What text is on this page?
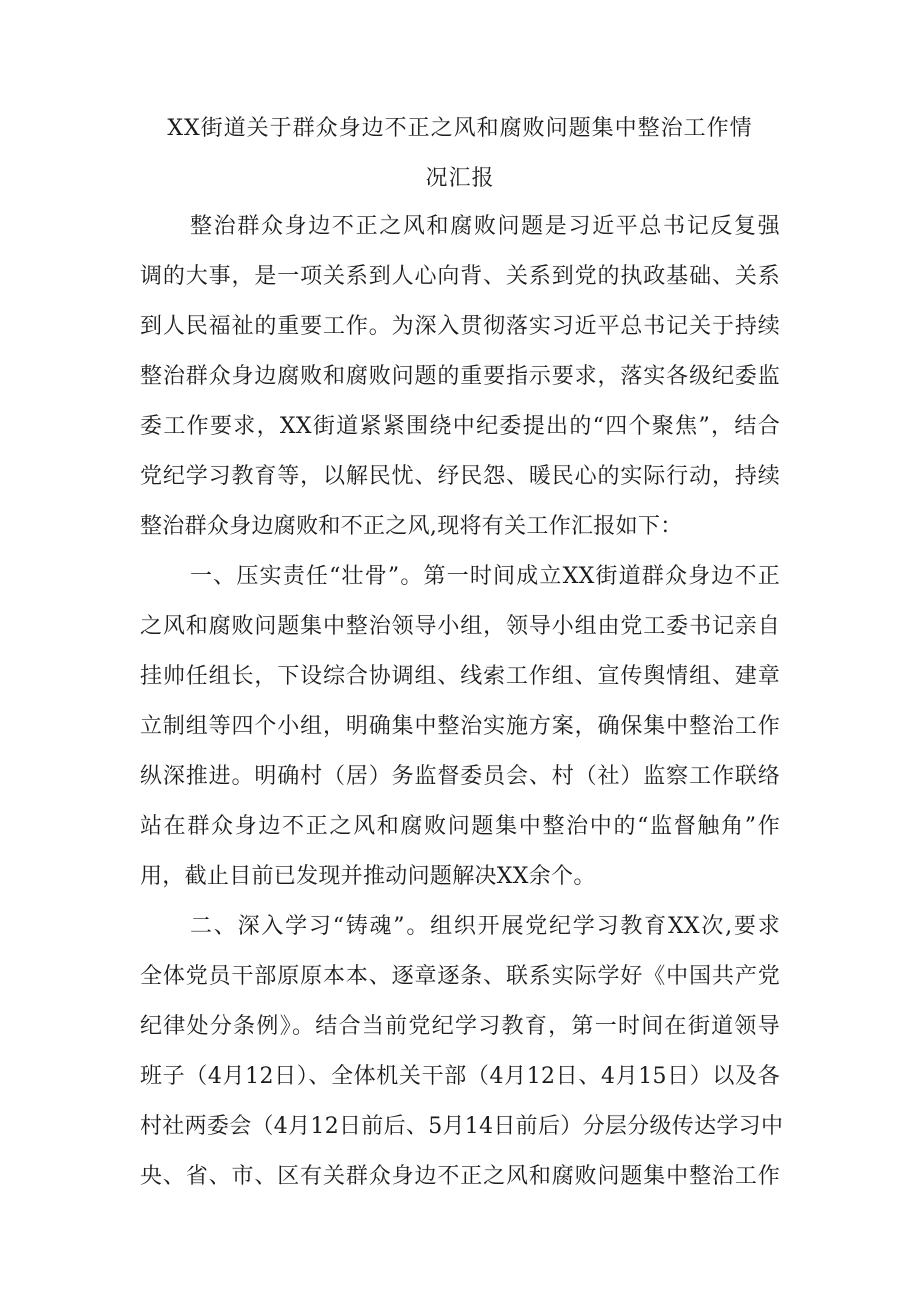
XX街道关于群众身边不正之风和腐败问题集中整治工作情
况汇报
整治群众身边不正之风和腐败问题是习近平总书记反复强
调的大事，是一项关系到人心向背、关系到党的执政基础、关系
到人民福祉的重要工作。为深入贯彻落实习近平总书记关于持续
整治群众身边腐败和腐败问题的重要指示要求，落实各级纪委监
委工作要求，XX街道紧紧围绕中纪委提出的“四个聚焦”，结合
党纪学习教育等，以解民忧、纾民怨、暖民心的实际行动，持续
整治群众身边腐败和不正之风,现将有关工作汇报如下：
一、压实责任“壮骨”。第一时间成立XX街道群众身边不正
之风和腐败问题集中整治领导小组，领导小组由党工委书记亲自
挂帅任组长，下设综合协调组、线索工作组、宣传舆情组、建章
立制组等四个小组，明确集中整治实施方案，确保集中整治工作
纵深推进。明确村（居）务监督委员会、村（社）监察工作联络
站在群众身边不正之风和腐败问题集中整治中的“监督触角”作
用，截止目前已发现并推动问题解决XX余个。
二、深入学习“铸魂”。组织开展党纪学习教育XX次,要求
全体党员干部原原本本、逐章逐条、联系实际学好《中国共产党
纪律处分条例》。结合当前党纪学习教育，第一时间在街道领导
班子（4月12日）、全体机关干部（4月12日、4月15日）以及各
村社两委会（4月12日前后、5月14日前后）分层分级传达学习中
央、省、市、区有关群众身边不正之风和腐败问题集中整治工作
